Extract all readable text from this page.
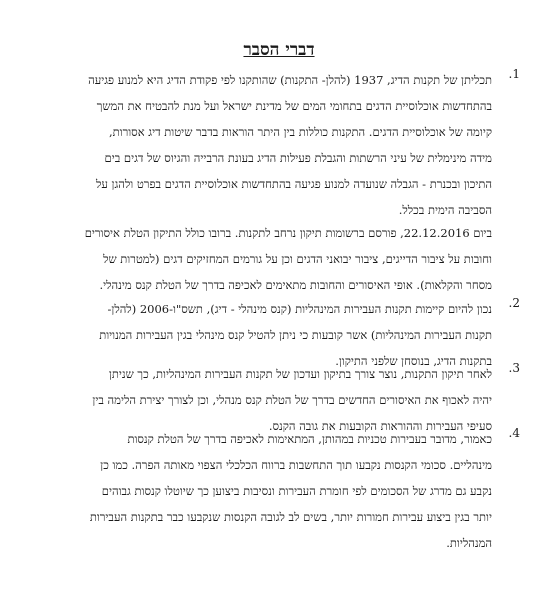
דברי הסבר
.1
תכליתן של תקנות הדיג, 1937 (להלן- התקנות) שהותקנו לפי פקודת הדיג היא למנוע פגיעה
בהתחדשות אוכלוסיית הדגים בתחומי המים של מדינת ישראל ועל מנת להבטיח את המשך
קיומה של אוכלוסיית הדגים. התקנות כוללות בין היתר הוראות בדבר שיטות דיג אסורות,
מידה מינימלית של עיני הרשתות והגבלת פעילות הדיג בעונת הרבייה והגיוס של דגים בים
התיכון ובכנרת - הגבלה שנועדה למנוע פגיעה בהתחדשות אוכלוסיית הדגים בפרט ולהגן על
הסביבה הימית בכלל.
ביום 22.12.2016, פורסם ברשומות תיקון נרחב לתקנות. ברובו כולל התיקון הטלת איסורים
וחובות על ציבור הדייגים, ציבור יבואני הדגים וכן על גורמים המחזיקים דגים (למטרות של
מסחר והקלאות). אופי האיסורים והחובות מתאימים לאכיפה בדרך של הטלת קנס מינהלי.
.2
נכון להיום קיימות תקנות העבירות המינהליות (קנס מינהלי - דיג), תשס"ו-2006 (להלן-
תקנות העבירות המינהליות) אשר קובעות כי ניתן להטיל קנס מינהלי בגין העבירות המנויות
בתקנות הדיג, בנוסחן שלפני התיקון.	.3
לאחר תיקון התקנות, נוצר צורך בתיקון ועדכון של תקנות העבירות המינהליות, כך שניתן
יהיה לאכוף את האיסורים החדשים בדרך של הטלת קנס מנהלי, וכן לצורך יצירת הלימה בין
סעיפי העבירות וההוראות הקובעות את גובה הקנס.	.4
כאמור, מדובר בעבירות טכניות במהותן, המתאימות לאכיפה בדרך של הטלת קנסות
מינהליים. סכומי הקנסות נקבעו תוך התחשבות ברווח הכלכלי הצפוי מאותה הפרה. כמו כן
נקבע גם מדרג של הסכומים לפי חומרת העבירות ונסיבות ביצוען כך שיוטלו קנסות גבוהים
יותר בגין ביצוע עבירות חמורות יותר, בשים לב לגובה הקנסות שנקבעו כבר בתקנות העבירות
המנהליות.
